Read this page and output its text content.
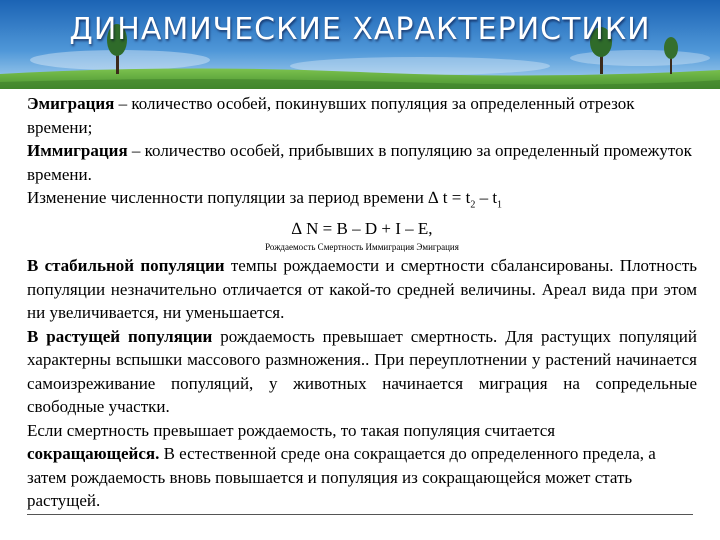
ДИНАМИЧЕСКИЕ ХАРАКТЕРИСТИКИ

Эмиграция – количество особей, покинувших популяция за определенный отрезок времени;

Иммиграция – количество особей, прибывших в популяцию за определенный промежуток времени.

Изменение численности популяции за период времени ∆ $t = t_2 - t_1$

∆ N = B – D + I – E,

Рождаемость Смертность Иммиграция Эмиграция

В стабильной популяции темпы рождаемости и смертности сбалансированы. Плотность популяции незначительно отличается от какой-то средней величины. Ареал вида при этом ни увеличивается, ни уменьшается.

В растущей популяции рождаемость превышает смертность. Для растущих популяций характерны вспышки массового размножения.. При переуплотнении у растений начинается самоизреживание популяций, у животных начинается миграция на сопредельные свободные участки.

Если смертность превышает рождаемость, то такая популяция считается
сокращающейся. В естественной среде она сокращается до определенного предела, а затем рождаемость вновь повышается и популяция из сокращающейся может стать растущей.
